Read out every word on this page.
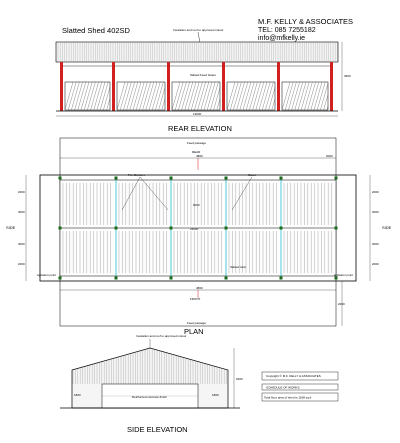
Slatted Shed 402SD
M.F. KELLY & ASSOCIATES
TEL: 085 7255182
info@mfkelly.ie
Insulation and roof to approved colour
Slatted Feed Gates
19000
3600
REAR ELEVATION
Feed passage
Feed passage
REAR
FRONT
4800	2000
Pen Dividers	Gates
6000
24000
Slatted tank
SIDE	SIDE
Agitation point	Agitation point
2000
3000
3000
2000
2000
3000
3000
2000
4800
2000
PLAN
Insulation and roof to approved colour
Reinforced concrete finish
6200
1800	1800
SIDE ELEVATION
Copyright © M.F. KELLY & ASSOCIATES
SCHEDULE OF WORKS
Total floor area of shed is 1168 sq.ft
